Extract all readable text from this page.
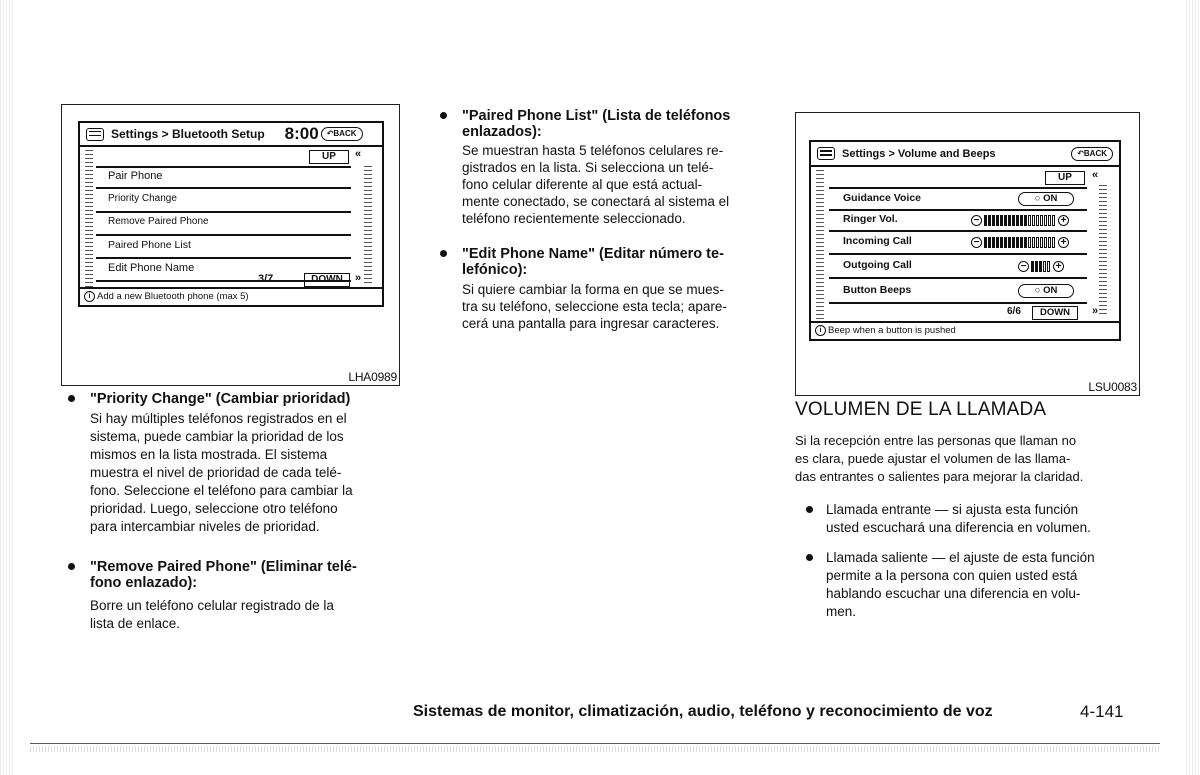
Settings > Bluetooth Setup 8:00	↶BACK
UP	«
Pair Phone
Priority Change
Remove Paired Phone
Paired Phone List
Edit Phone Name
3/7	DOWN	»
i Add a new Bluetooth phone (max 5)
LHA0989
"Priority Change" (Cambiar prioridad)
Si hay múltiples teléfonos registrados en el
sistema, puede cambiar la prioridad de los
mismos en la lista mostrada. El sistema
muestra el nivel de prioridad de cada telé-
fono. Seleccione el teléfono para cambiar la
prioridad. Luego, seleccione otro teléfono
para intercambiar niveles de prioridad.
"Remove Paired Phone" (Eliminar telé-
fono enlazado):
Borre un teléfono celular registrado de la
lista de enlace.
"Paired Phone List" (Lista de teléfonos
enlazados):
Se muestran hasta 5 teléfonos celulares re-
gistrados en la lista. Si selecciona un telé-
fono celular diferente al que está actual-
mente conectado, se conectará al sistema el
teléfono recientemente seleccionado.
"Edit Phone Name" (Editar número te-
lefónico):
Si quiere cambiar la forma en que se mues-
tra su teléfono, seleccione esta tecla; apare-
cerá una pantalla para ingresar caracteres.
Settings > Volume and Beeps	↶BACK
UP	«
Guidance Voice	○ ON
Ringer Vol.	−	+
Incoming Call	−	+
Outgoing Call	−	+
Button Beeps	○ ON
6/6	DOWN	»
i Beep when a button is pushed
LSU0083
VOLUMEN DE LA LLAMADA
Si la recepción entre las personas que llaman no
es clara, puede ajustar el volumen de las llama-
das entrantes o salientes para mejorar la claridad.
Llamada entrante — si ajusta esta función
usted escuchará una diferencia en volumen.
Llamada saliente — el ajuste de esta función
permite a la persona con quien usted está
hablando escuchar una diferencia en volu-
men.
Sistemas de monitor, climatización, audio, teléfono y reconocimiento de voz	4-141
